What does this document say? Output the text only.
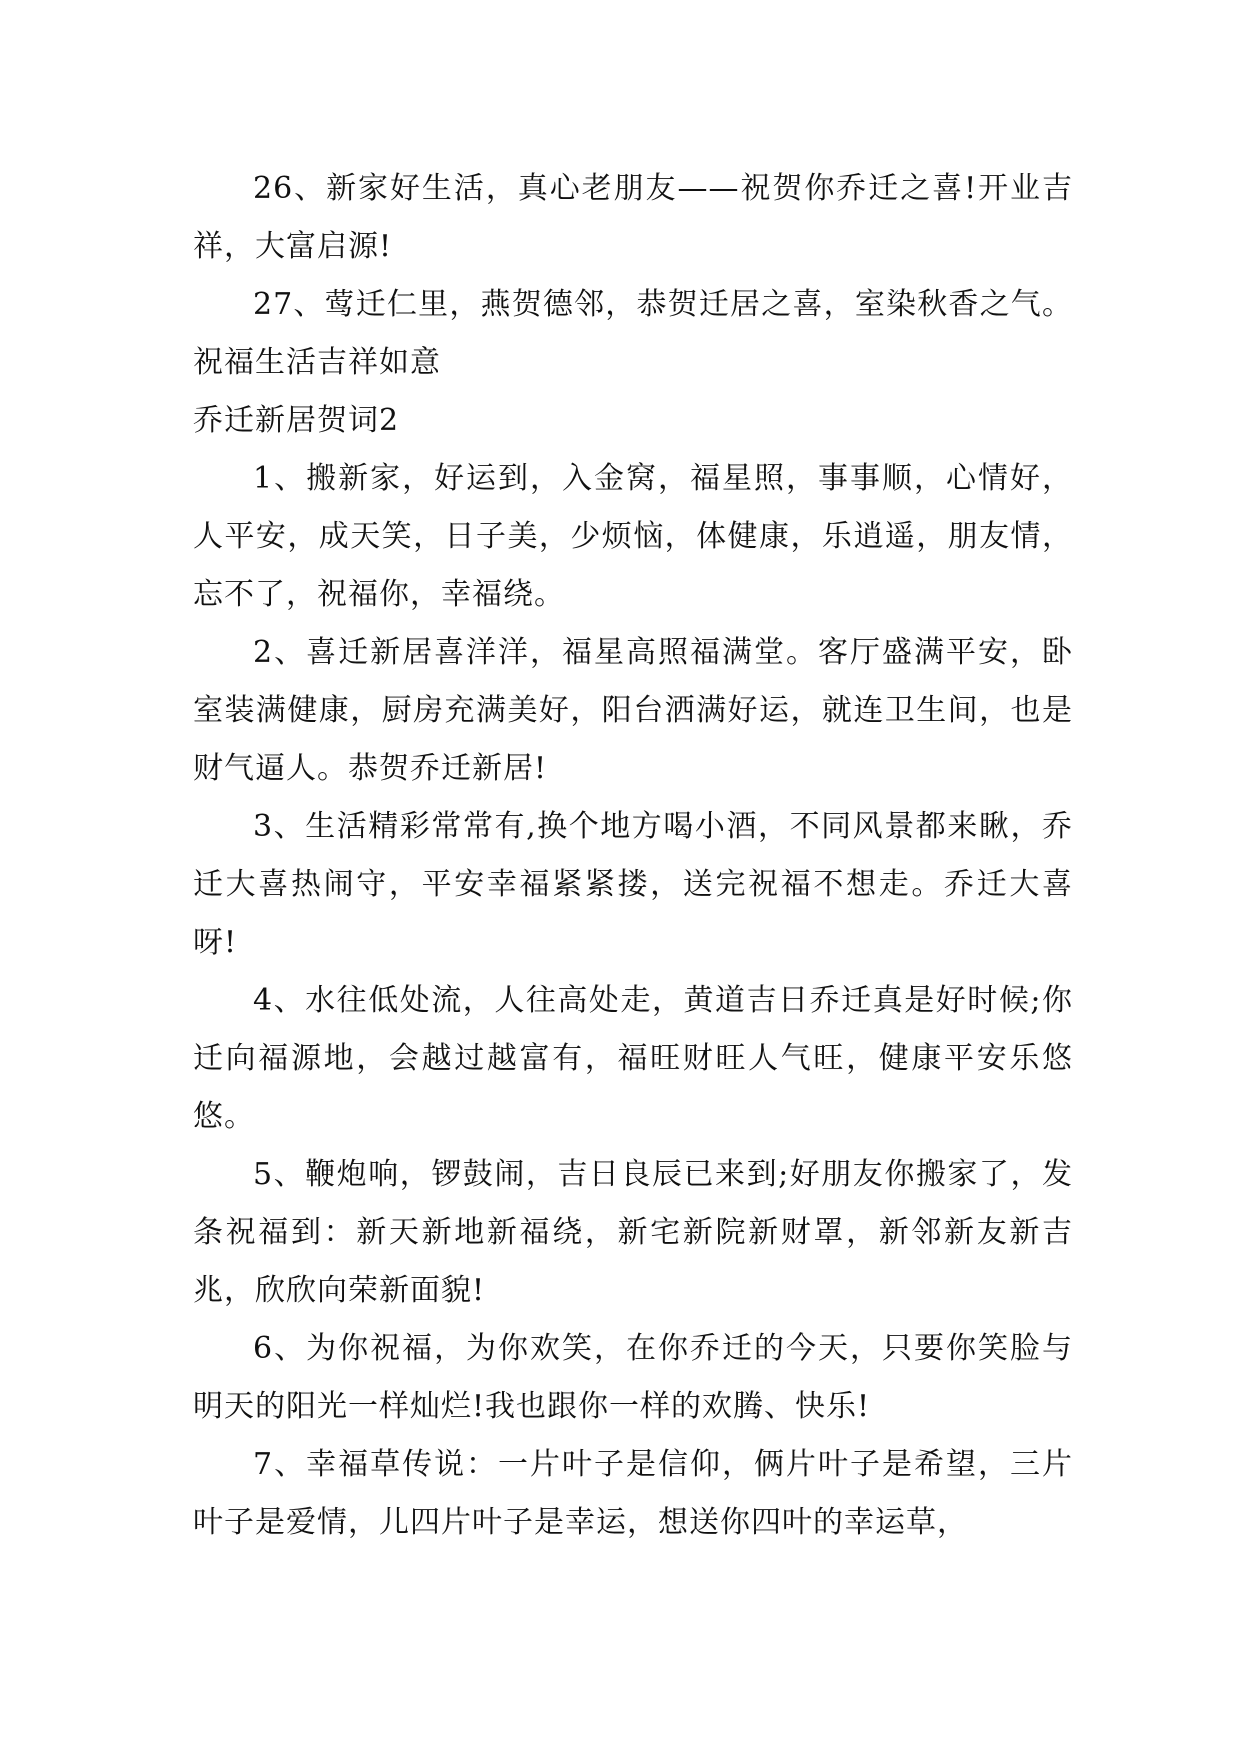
26、新家好生活，真心老朋友——祝贺你乔迁之喜!开业吉祥，大富启源!

27、莺迁仁里，燕贺德邻，恭贺迁居之喜，室染秋香之气。祝福生活吉祥如意

乔迁新居贺词2

1、搬新家，好运到，入金窝，福星照，事事顺，心情好，人平安，成天笑，日子美，少烦恼，体健康，乐逍遥，朋友情，忘不了，祝福你，幸福绕。

2、喜迁新居喜洋洋，福星高照福满堂。客厅盛满平安，卧室装满健康，厨房充满美好，阳台洒满好运，就连卫生间，也是财气逼人。恭贺乔迁新居!

3、生活精彩常常有,换个地方喝小酒，不同风景都来瞅，乔迁大喜热闹守，平安幸福紧紧搂，送完祝福不想走。乔迁大喜呀!

4、水往低处流，人往高处走，黄道吉日乔迁真是好时候;你迁向福源地，会越过越富有，福旺财旺人气旺，健康平安乐悠悠。

5、鞭炮响，锣鼓闹，吉日良辰已来到;好朋友你搬家了，发条祝福到：新天新地新福绕，新宅新院新财罩，新邻新友新吉兆，欣欣向荣新面貌!

6、为你祝福，为你欢笑，在你乔迁的今天，只要你笑脸与明天的阳光一样灿烂!我也跟你一样的欢腾、快乐!

7、幸福草传说：一片叶子是信仰，俩片叶子是希望，三片叶子是爱情，儿四片叶子是幸运，想送你四叶的幸运草，
